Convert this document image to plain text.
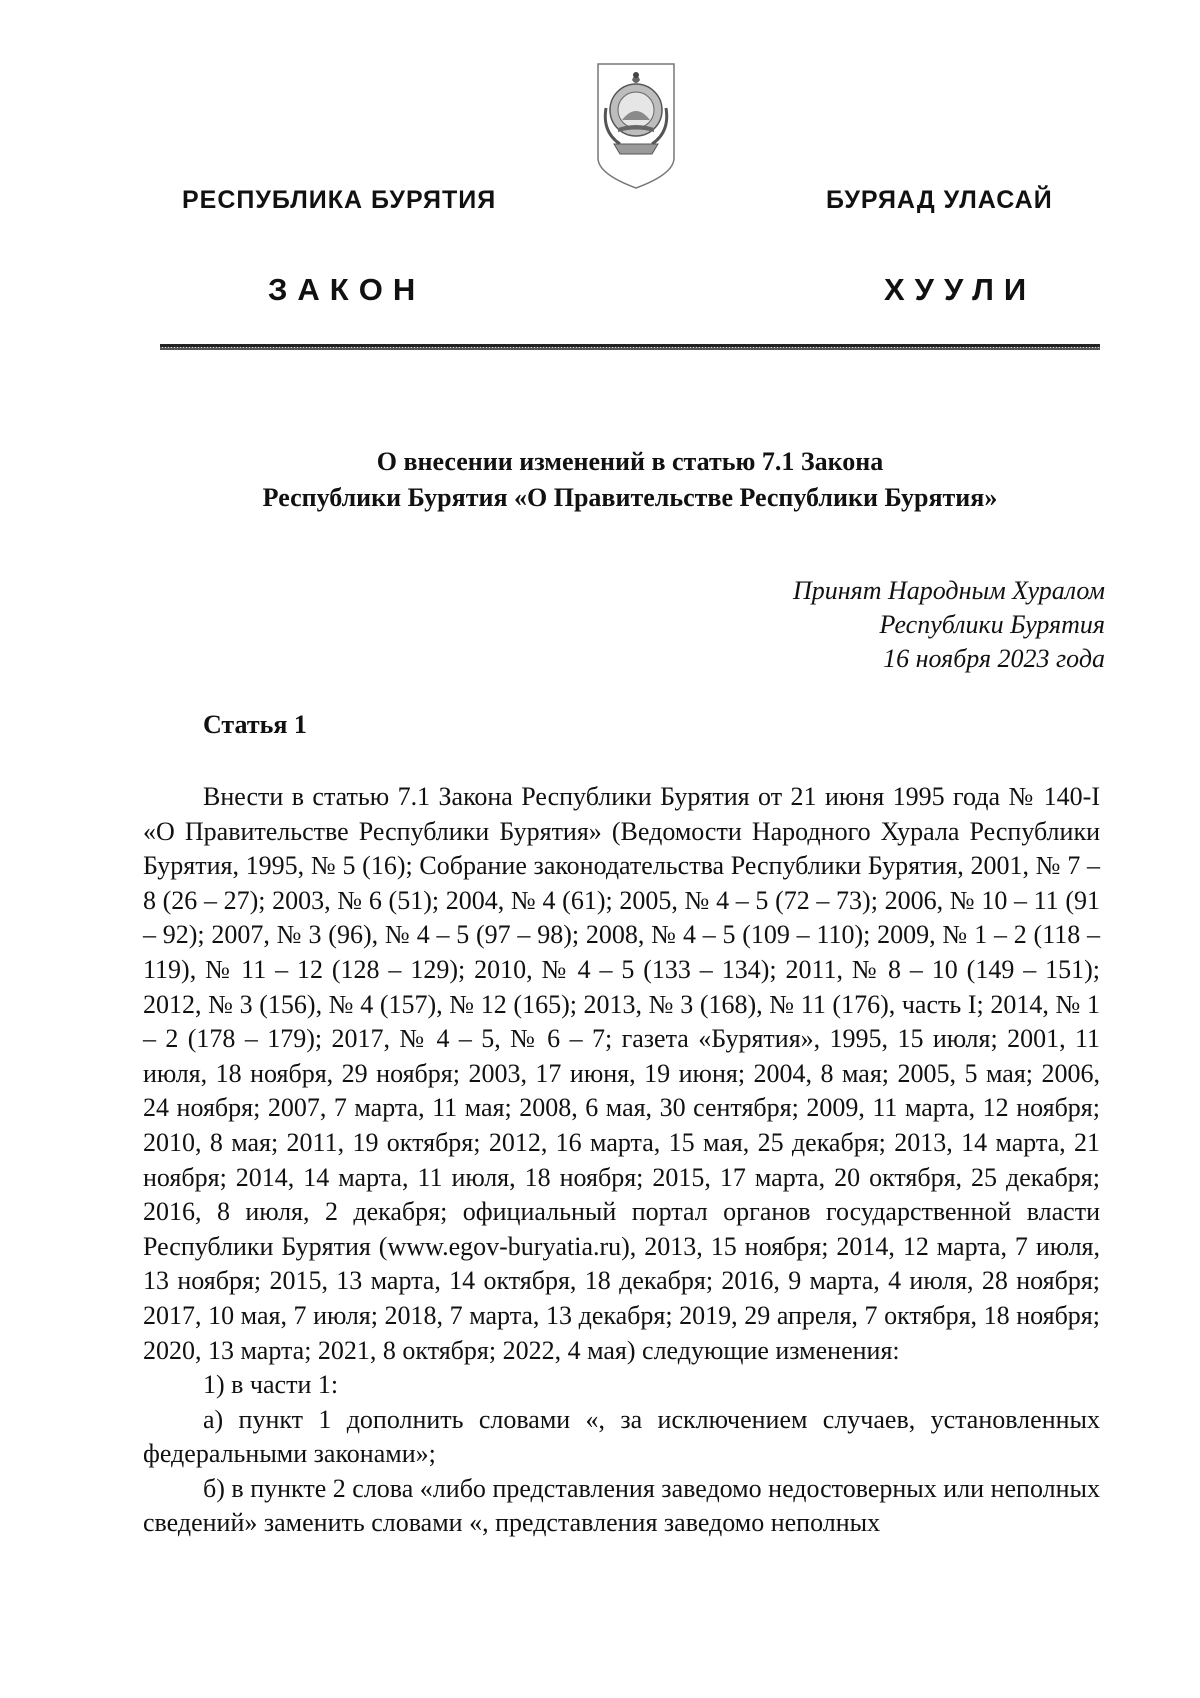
РЕСПУБЛИКА БУРЯТИЯ	БУРЯАД УЛАСАЙ
ЗАКОН	ХУУЛИ
О внесении изменений в статью 7.1 Закона
Республики Бурятия «О Правительстве Республики Бурятия»
Принят Народным Хуралом
Республики Бурятия
16 ноября 2023 года
Статья 1

Внести в статью 7.1 Закона Республики Бурятия от 21 июня 1995 года № 140-I «О Правительстве Республики Бурятия» (Ведомости Народного Хурала Республики Бурятия, 1995, № 5 (16); Собрание законодательства Республики Бурятия, 2001, № 7 – 8 (26 – 27); 2003, № 6 (51); 2004, № 4 (61); 2005, № 4 – 5 (72 – 73); 2006, № 10 – 11 (91 – 92); 2007, № 3 (96), № 4 – 5 (97 – 98); 2008, № 4 – 5 (109 – 110); 2009, № 1 – 2 (118 – 119), № 11 – 12 (128 – 129); 2010, № 4 – 5 (133 – 134); 2011, № 8 – 10 (149 – 151); 2012, № 3 (156), № 4 (157), № 12 (165); 2013, № 3 (168), № 11 (176), часть I; 2014, № 1 – 2 (178 – 179); 2017, № 4 – 5, № 6 – 7; газета «Бурятия», 1995, 15 июля; 2001, 11 июля, 18 ноября, 29 ноября; 2003, 17 июня, 19 июня; 2004, 8 мая; 2005, 5 мая; 2006, 24 ноября; 2007, 7 марта, 11 мая; 2008, 6 мая, 30 сентября; 2009, 11 марта, 12 ноября; 2010, 8 мая; 2011, 19 октября; 2012, 16 марта, 15 мая, 25 декабря; 2013, 14 марта, 21 ноября; 2014, 14 марта, 11 июля, 18 ноября; 2015, 17 марта, 20 октября, 25 декабря; 2016, 8 июля, 2 декабря; официальный портал органов государственной власти Республики Бурятия (www.egov-buryatia.ru), 2013, 15 ноября; 2014, 12 марта, 7 июля, 13 ноября; 2015, 13 марта, 14 октября, 18 декабря; 2016, 9 марта, 4 июля, 28 ноября; 2017, 10 мая, 7 июля; 2018, 7 марта, 13 декабря; 2019, 29 апреля, 7 октября, 18 ноября; 2020, 13 марта; 2021, 8 октября; 2022, 4 мая) следующие изменения:

1) в части 1:

а) пункт 1 дополнить словами «, за исключением случаев, установленных федеральными законами»;

б) в пункте 2 слова «либо представления заведомо недостоверных или неполных сведений» заменить словами «, представления заведомо неполных
